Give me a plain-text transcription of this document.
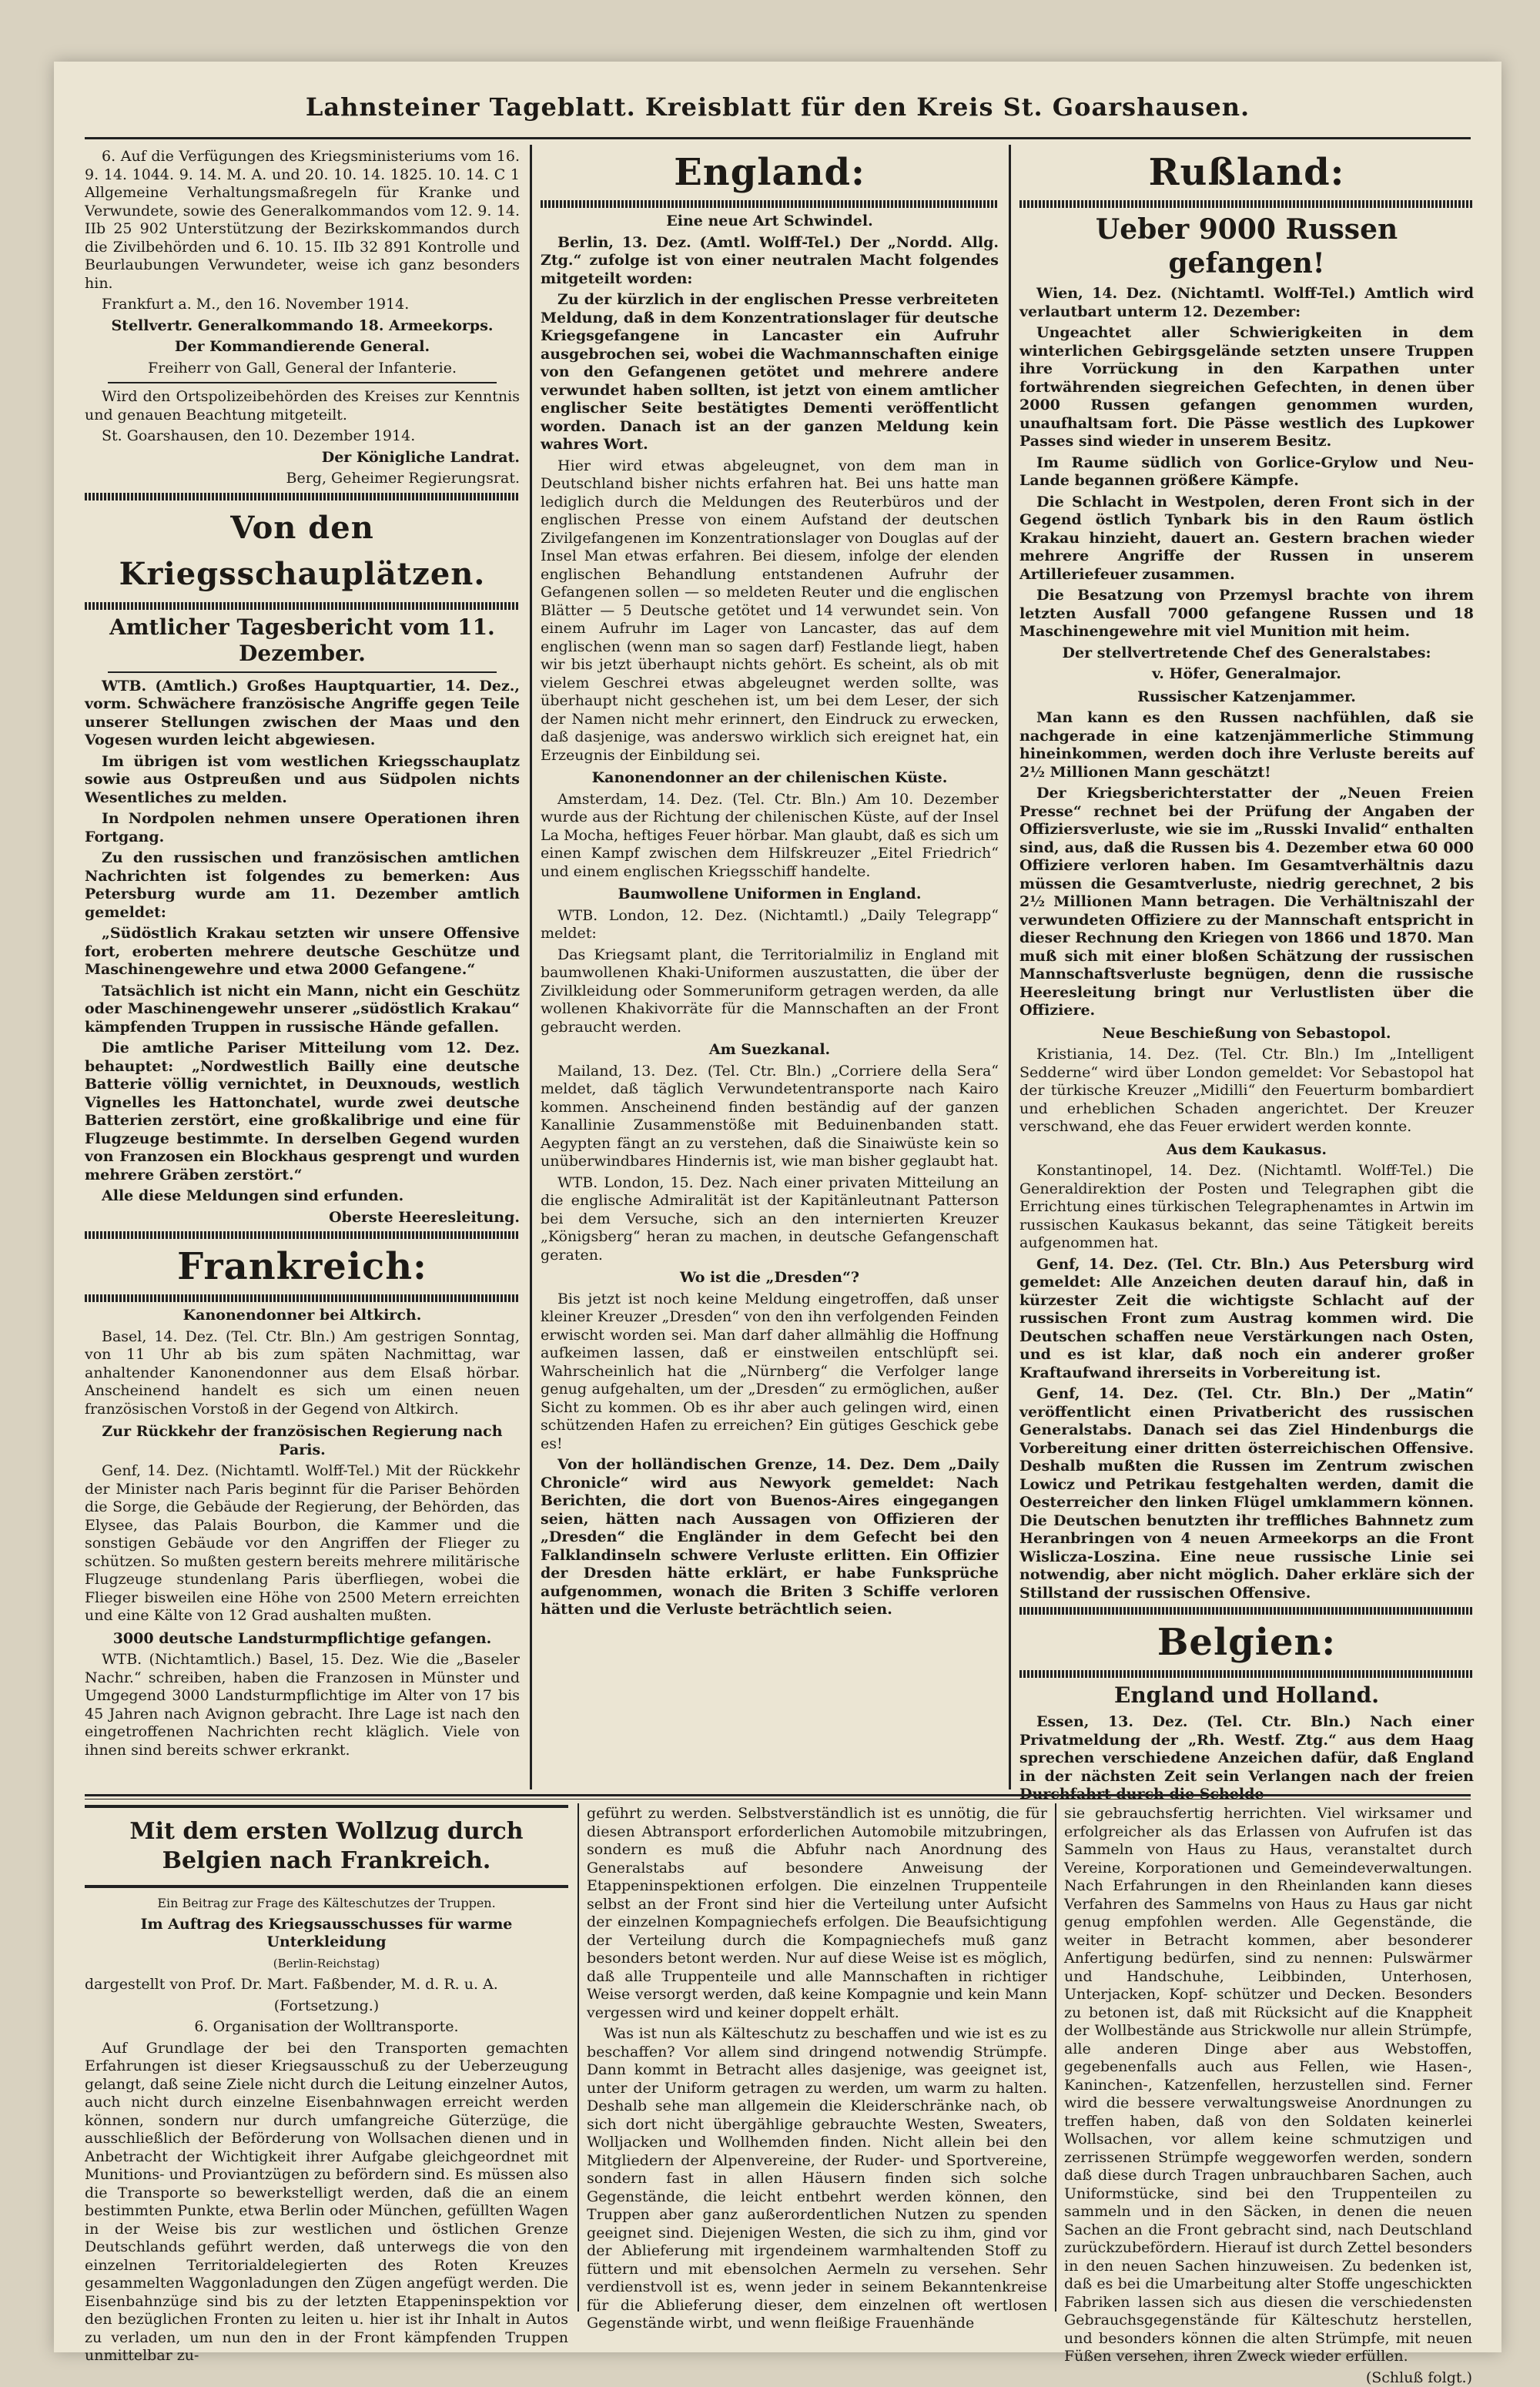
Lahnsteiner Tageblatt. Kreisblatt für den Kreis St. Goarshausen.

6. Auf die Verfügungen des Kriegsministeriums vom 16. 9. 14. 1044. 9. 14. M. A. und 20. 10. 14. 1825. 10. 14. C 1 Allgemeine Verhaltungsmaßregeln für Kranke und Verwundete, sowie des Generalkommandos vom 12. 9. 14. IIb 25 902 Unterstützung der Bezirkskommandos durch die Zivilbehörden und 6. 10. 15. IIb 32 891 Kontrolle und Beurlaubungen Verwundeter, weise ich ganz besonders hin.

Frankfurt a. M., den 16. November 1914.

Stellvertr. Generalkommando 18. Armeekorps.

Der Kommandierende General.

Freiherr von Gall, General der Infanterie.

Wird den Ortspolizeibehörden des Kreises zur Kenntnis und genauen Beachtung mitgeteilt.

St. Goarshausen, den 10. Dezember 1914.

Der Königliche Landrat.

Berg, Geheimer Regierungsrat.

Von den Kriegsschauplätzen.
Amtlicher Tagesbericht vom 11. Dezember.

WTB. (Amtlich.) Großes Hauptquartier, 14. Dez., vorm. Schwächere französische Angriffe gegen Teile unserer Stellungen zwischen der Maas und den Vogesen wurden leicht abgewiesen.

Im übrigen ist vom westlichen Kriegsschauplatz sowie aus Ostpreußen und aus Südpolen nichts Wesentliches zu melden.

In Nordpolen nehmen unsere Operationen ihren Fortgang.

Zu den russischen und französischen amtlichen Nachrichten ist folgendes zu bemerken: Aus Petersburg wurde am 11. Dezember amtlich gemeldet:

„Südöstlich Krakau setzten wir unsere Offensive fort, eroberten mehrere deutsche Geschütze und Maschinengewehre und etwa 2000 Gefangene.“

Tatsächlich ist nicht ein Mann, nicht ein Geschütz oder Maschinengewehr unserer „südöstlich Krakau“ kämpfenden Truppen in russische Hände gefallen.

Die amtliche Pariser Mitteilung vom 12. Dez. behauptet: „Nordwestlich Bailly eine deutsche Batterie völlig vernichtet, in Deuxnouds, westlich Vignelles les Hattonchatel, wurde zwei deutsche Batterien zerstört, eine großkalibrige und eine für Flugzeuge bestimmte. In derselben Gegend wurden von Franzosen ein Blockhaus gesprengt und wurden mehrere Gräben zerstört.“

Alle diese Meldungen sind erfunden.

Oberste Heeresleitung.

Frankreich:

Kanonendonner bei Altkirch.

Basel, 14. Dez. (Tel. Ctr. Bln.) Am gestrigen Sonntag, von 11 Uhr ab bis zum späten Nachmittag, war anhaltender Kanonendonner aus dem Elsaß hörbar. Anscheinend handelt es sich um einen neuen französischen Vorstoß in der Gegend von Altkirch.

Zur Rückkehr der französischen Regierung nach Paris.

Genf, 14. Dez. (Nichtamtl. Wolff-Tel.) Mit der Rückkehr der Minister nach Paris beginnt für die Pariser Behörden die Sorge, die Gebäude der Regierung, der Behörden, das Elysee, das Palais Bourbon, die Kammer und die sonstigen Gebäude vor den Angriffen der Flieger zu schützen. So mußten gestern bereits mehrere militärische Flugzeuge stundenlang Paris überfliegen, wobei die Flieger bisweilen eine Höhe von 2500 Metern erreichten und eine Kälte von 12 Grad aushalten mußten.

3000 deutsche Landsturmpflichtige gefangen.

WTB. (Nichtamtlich.) Basel, 15. Dez. Wie die „Baseler Nachr.“ schreiben, haben die Franzosen in Münster und Umgegend 3000 Landsturmpflichtige im Alter von 17 bis 45 Jahren nach Avignon gebracht. Ihre Lage ist nach den eingetroffenen Nachrichten recht kläglich. Viele von ihnen sind bereits schwer erkrankt.

England:

Eine neue Art Schwindel.

Berlin, 13. Dez. (Amtl. Wolff-Tel.) Der „Nordd. Allg. Ztg.“ zufolge ist von einer neutralen Macht folgendes mitgeteilt worden:

Zu der kürzlich in der englischen Presse verbreiteten Meldung, daß in dem Konzentrationslager für deutsche Kriegsgefangene in Lancaster ein Aufruhr ausgebrochen sei, wobei die Wachmannschaften einige von den Gefangenen getötet und mehrere andere verwundet haben sollten, ist jetzt von einem amtlicher englischer Seite bestätigtes Dementi veröffentlicht worden. Danach ist an der ganzen Meldung kein wahres Wort.

Hier wird etwas abgeleugnet, von dem man in Deutschland bisher nichts erfahren hat. Bei uns hatte man lediglich durch die Meldungen des Reuterbüros und der englischen Presse von einem Aufstand der deutschen Zivilgefangenen im Konzentrationslager von Douglas auf der Insel Man etwas erfahren. Bei diesem, infolge der elenden englischen Behandlung entstandenen Aufruhr der Gefangenen sollen — so meldeten Reuter und die englischen Blätter — 5 Deutsche getötet und 14 verwundet sein. Von einem Aufruhr im Lager von Lancaster, das auf dem englischen (wenn man so sagen darf) Festlande liegt, haben wir bis jetzt überhaupt nichts gehört. Es scheint, als ob mit vielem Geschrei etwas abgeleugnet werden sollte, was überhaupt nicht geschehen ist, um bei dem Leser, der sich der Namen nicht mehr erinnert, den Eindruck zu erwecken, daß dasjenige, was anderswo wirklich sich ereignet hat, ein Erzeugnis der Einbildung sei.

Kanonendonner an der chilenischen Küste.

Amsterdam, 14. Dez. (Tel. Ctr. Bln.) Am 10. Dezember wurde aus der Richtung der chilenischen Küste, auf der Insel La Mocha, heftiges Feuer hörbar. Man glaubt, daß es sich um einen Kampf zwischen dem Hilfskreuzer „Eitel Friedrich“ und einem englischen Kriegsschiff handelte.

Baumwollene Uniformen in England.

WTB. London, 12. Dez. (Nichtamtl.) „Daily Telegrapp“ meldet:

Das Kriegsamt plant, die Territorialmiliz in England mit baumwollenen Khaki-Uniformen auszustatten, die über der Zivilkleidung oder Sommeruniform getragen werden, da alle wollenen Khakivorräte für die Mannschaften an der Front gebraucht werden.

Am Suezkanal.

Mailand, 13. Dez. (Tel. Ctr. Bln.) „Corriere della Sera“ meldet, daß täglich Verwundetentransporte nach Kairo kommen. Anscheinend finden beständig auf der ganzen Kanallinie Zusammenstöße mit Beduinenbanden statt. Aegypten fängt an zu verstehen, daß die Sinaiwüste kein so unüberwindbares Hindernis ist, wie man bisher geglaubt hat.

WTB. London, 15. Dez. Nach einer privaten Mitteilung an die englische Admiralität ist der Kapitänleutnant Patterson bei dem Versuche, sich an den internierten Kreuzer „Königsberg“ heran zu machen, in deutsche Gefangenschaft geraten.

Wo ist die „Dresden“?

Bis jetzt ist noch keine Meldung eingetroffen, daß unser kleiner Kreuzer „Dresden“ von den ihn verfolgenden Feinden erwischt worden sei. Man darf daher allmählig die Hoffnung aufkeimen lassen, daß er einstweilen entschlüpft sei. Wahrscheinlich hat die „Nürnberg“ die Verfolger lange genug aufgehalten, um der „Dresden“ zu ermöglichen, außer Sicht zu kommen. Ob es ihr aber auch gelingen wird, einen schützenden Hafen zu erreichen? Ein gütiges Geschick gebe es!

Von der holländischen Grenze, 14. Dez. Dem „Daily Chronicle“ wird aus Newyork gemeldet: Nach Berichten, die dort von Buenos-Aires eingegangen seien, hätten nach Aussagen von Offizieren der „Dresden“ die Engländer in dem Gefecht bei den Falklandinseln schwere Verluste erlitten. Ein Offizier der Dresden hätte erklärt, er habe Funksprüche aufgenommen, wonach die Briten 3 Schiffe verloren hätten und die Verluste beträchtlich seien.

Rußland:
Ueber 9000 Russen gefangen!

Wien, 14. Dez. (Nichtamtl. Wolff-Tel.) Amtlich wird verlautbart unterm 12. Dezember:

Ungeachtet aller Schwierigkeiten in dem winterlichen Gebirgsgelände setzten unsere Truppen ihre Vorrückung in den Karpathen unter fortwährenden siegreichen Gefechten, in denen über 2000 Russen gefangen genommen wurden, unaufhaltsam fort. Die Pässe westlich des Lupkower Passes sind wieder in unserem Besitz.

Im Raume südlich von Gorlice-Grylow und Neu-Lande begannen größere Kämpfe.

Die Schlacht in Westpolen, deren Front sich in der Gegend östlich Tynbark bis in den Raum östlich Krakau hinzieht, dauert an. Gestern brachen wieder mehrere Angriffe der Russen in unserem Artilleriefeuer zusammen.

Die Besatzung von Przemysl brachte von ihrem letzten Ausfall 7000 gefangene Russen und 18 Maschinengewehre mit viel Munition mit heim.

Der stellvertretende Chef des Generalstabes:

v. Höfer, Generalmajor.

Russischer Katzenjammer.

Man kann es den Russen nachfühlen, daß sie nachgerade in eine katzenjämmerliche Stimmung hineinkommen, werden doch ihre Verluste bereits auf 2½ Millionen Mann geschätzt!

Der Kriegsberichterstatter der „Neuen Freien Presse“ rechnet bei der Prüfung der Angaben der Offiziersverluste, wie sie im „Russki Invalid“ enthalten sind, aus, daß die Russen bis 4. Dezember etwa 60 000 Offiziere verloren haben. Im Gesamtverhältnis dazu müssen die Gesamtverluste, niedrig gerechnet, 2 bis 2½ Millionen Mann betragen. Die Verhältniszahl der verwundeten Offiziere zu der Mannschaft entspricht in dieser Rechnung den Kriegen von 1866 und 1870. Man muß sich mit einer bloßen Schätzung der russischen Mannschaftsverluste begnügen, denn die russische Heeresleitung bringt nur Verlustlisten über die Offiziere.

Neue Beschießung von Sebastopol.

Kristiania, 14. Dez. (Tel. Ctr. Bln.) Im „Intelligent Sedderne“ wird über London gemeldet: Vor Sebastopol hat der türkische Kreuzer „Midilli“ den Feuerturm bombardiert und erheblichen Schaden angerichtet. Der Kreuzer verschwand, ehe das Feuer erwidert werden konnte.

Aus dem Kaukasus.

Konstantinopel, 14. Dez. (Nichtamtl. Wolff-Tel.) Die Generaldirektion der Posten und Telegraphen gibt die Errichtung eines türkischen Telegraphenamtes in Artwin im russischen Kaukasus bekannt, das seine Tätigkeit bereits aufgenommen hat.

Genf, 14. Dez. (Tel. Ctr. Bln.) Aus Petersburg wird gemeldet: Alle Anzeichen deuten darauf hin, daß in kürzester Zeit die wichtigste Schlacht auf der russischen Front zum Austrag kommen wird. Die Deutschen schaffen neue Verstärkungen nach Osten, und es ist klar, daß noch ein anderer großer Kraftaufwand ihrerseits in Vorbereitung ist.

Genf, 14. Dez. (Tel. Ctr. Bln.) Der „Matin“ veröffentlicht einen Privatbericht des russischen Generalstabs. Danach sei das Ziel Hindenburgs die Vorbereitung einer dritten österreichischen Offensive. Deshalb mußten die Russen im Zentrum zwischen Lowicz und Petrikau festgehalten werden, damit die Oesterreicher den linken Flügel umklammern können. Die Deutschen benutzten ihr treffliches Bahnnetz zum Heranbringen von 4 neuen Armeekorps an die Front Wislicza-Loszina. Eine neue russische Linie sei notwendig, aber nicht möglich. Daher erkläre sich der Stillstand der russischen Offensive.

Belgien:
England und Holland.

Essen, 13. Dez. (Tel. Ctr. Bln.) Nach einer Privatmeldung der „Rh. Westf. Ztg.“ aus dem Haag sprechen verschiedene Anzeichen dafür, daß England in der nächsten Zeit sein Verlangen nach der freien

Mit dem ersten Wollzug durch Belgien nach Frankreich.

Ein Beitrag zur Frage des Kälteschutzes der Truppen.

Im Auftrag des Kriegsausschusses für warme Unterkleidung

(Berlin-Reichstag)

dargestellt von Prof. Dr. Mart. Faßbender, M. d. R. u. A.

(Fortsetzung.)

6. Organisation der Wolltransporte.

Auf Grundlage der bei den Transporten gemachten Erfahrungen ist dieser Kriegsausschuß zu der Ueberzeugung gelangt, daß seine Ziele nicht durch die Leitung einzelner Autos, auch nicht durch einzelne Eisenbahnwagen erreicht werden können, sondern nur durch umfangreiche Güterzüge, die ausschließlich der Beförderung von Wollsachen dienen und in Anbetracht der Wichtigkeit ihrer Aufgabe gleichgeordnet mit Munitions- und Proviantzügen zu befördern sind. Es müssen also die Transporte so bewerkstelligt werden, daß die an einem bestimmten Punkte, etwa Berlin oder München, gefüllten Wagen in der Weise bis zur westlichen und östlichen Grenze Deutschlands geführt werden, daß unterwegs die von den einzelnen Territorialdelegierten des Roten Kreuzes gesammelten Waggonladungen den Zügen angefügt werden. Die Eisenbahnzüge sind bis zu der letzten Etappeninspektion vor den bezüglichen Fronten zu leiten u. hier ist ihr Inhalt in Autos zu verladen, um nun den in der Front kämpfenden Truppen unmittelbar zu-

geführt zu werden. Selbstverständlich ist es unnötig, die für diesen Abtransport erforderlichen Automobile mitzubringen, sondern es muß die Abfuhr nach Anordnung des Generalstabs auf besondere Anweisung der Etappeninspektionen erfolgen. Die einzelnen Truppenteile selbst an der Front sind hier die Verteilung unter Aufsicht der einzelnen Kompagniechefs erfolgen. Die Beaufsichtigung der Verteilung durch die Kompagniechefs muß ganz besonders betont werden. Nur auf diese Weise ist es möglich, daß alle Truppenteile und alle Mannschaften in richtiger Weise versorgt werden, daß keine Kompagnie und kein Mann vergessen wird und keiner doppelt erhält.

Was ist nun als Kälteschutz zu beschaffen und wie ist es zu beschaffen? Vor allem sind dringend notwendig Strümpfe. Dann kommt in Betracht alles dasjenige, was geeignet ist, unter der Uniform getragen zu werden, um warm zu halten. Deshalb sehe man allgemein die Kleiderschränke nach, ob sich dort nicht übergählige gebrauchte Westen, Sweaters, Wolljacken und Wollhemden finden. Nicht allein bei den Mitgliedern der Alpenvereine, der Ruder- und Sportvereine, sondern fast in allen Häusern finden sich solche Gegenstände, die leicht entbehrt werden können, den Truppen aber ganz außerordentlichen Nutzen zu spenden geeignet sind. Diejenigen Westen, die sich zu ihm, gind vor der Ablieferung mit irgendeinem warmhaltenden Stoff zu füttern und mit ebensolchen Aermeln zu versehen. Sehr verdienstvoll ist es, wenn jeder in seinem Bekanntenkreise für die Ablieferung dieser, dem einzelnen oft wertlosen Gegenstände wirbt, und wenn fleißige Frauenhände

sie gebrauchsfertig herrichten. Viel wirksamer und erfolgreicher als das Erlassen von Aufrufen ist das Sammeln von Haus zu Haus, veranstaltet durch Vereine, Korporationen und Gemeindeverwaltungen. Nach Erfahrungen in den Rheinlanden kann dieses Verfahren des Sammelns von Haus zu Haus gar nicht genug empfohlen werden. Alle Gegenstände, die weiter in Betracht kommen, aber besonderer Anfertigung bedürfen, sind zu nennen: Pulswärmer und Handschuhe, Leibbinden, Unterhosen, Unterjacken, Kopf- schützer und Decken. Besonders zu betonen ist, daß mit Rücksicht auf die Knappheit der Wollbestände aus Strickwolle nur allein Strümpfe, alle anderen Dinge aber aus Webstoffen, gegebenenfalls auch aus Fellen, wie Hasen-, Kaninchen-, Katzenfellen, herzustellen sind. Ferner wird die bessere verwaltungsweise Anordnungen zu treffen haben, daß von den Soldaten keinerlei Wollsachen, vor allem keine schmutzigen und zerrissenen Strümpfe weggeworfen werden, sondern daß diese durch Tragen unbrauchbaren Sachen, auch Uniformstücke, sind bei den Truppenteilen zu sammeln und in den Säcken, in denen die neuen Sachen an die Front gebracht sind, nach Deutschland zurückzubefördern. Hierauf ist durch Zettel besonders in den neuen Sachen hinzuweisen. Zu bedenken ist, daß es bei die Umarbeitung alter Stoffe ungeschickten Fabriken lassen sich aus diesen die verschiedensten Gebrauchsgegenstände für Kälteschutz herstellen, und besonders können die alten Strümpfe, mit neuen Füßen versehen, ihren Zweck wieder erfüllen.

(Schluß folgt.)
